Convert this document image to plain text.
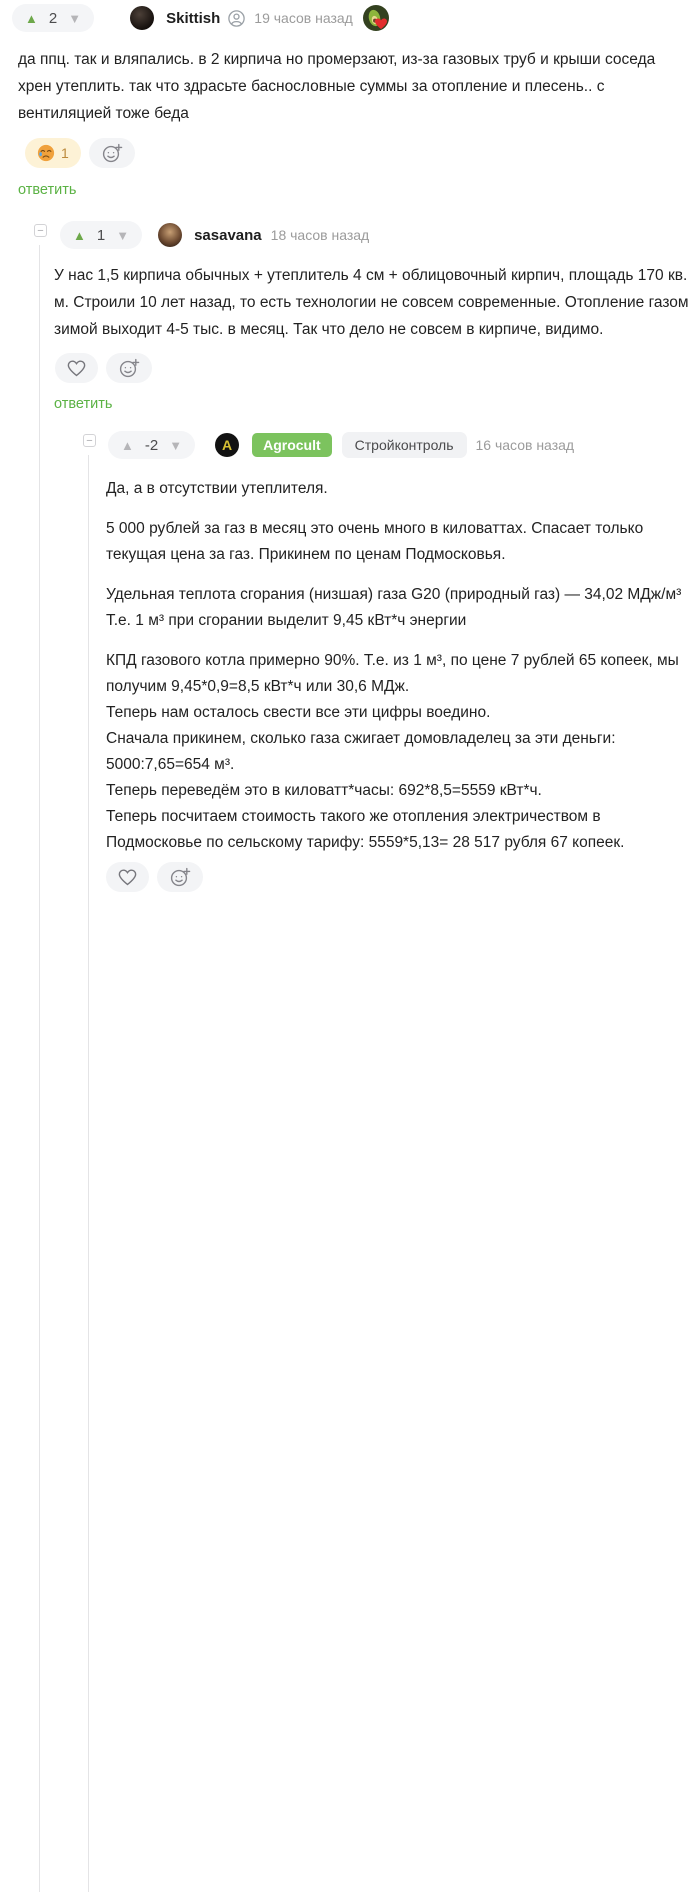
▲ 2 ▼	Skittish 19 часов назад

да ппц. так и вляпались. в 2 кирпича но промерзают, из-за газовых труб и крыши соседа хрен утеплить. так что здрасьте баснословные суммы за отопление и плесень.. с вентиляцией тоже беда

1
ответить
− ▲ 1 ▼	sasavana 18 часов назад

У нас 1,5 кирпича обычных + утеплитель 4 см + облицовочный кирпич, площадь 170 кв. м. Строили 10 лет назад, то есть технологии не совсем современные. Отопление газом зимой выходит 4-5 тыс. в месяц. Так что дело не совсем в кирпиче, видимо.

ответить
− ▲ -2 ▼	A	Agrocult	Стройконтроль	16 часов назад

Да, а в отсутствии утеплителя.

5 000 рублей за газ в месяц это очень много в киловаттах. Спасает только текущая цена за газ. Прикинем по ценам Подмосковья.

Удельная теплота сгорания (низшая) газа G20 (природный газ) — 34,02 МДж/м³

Т.е. 1 м³ при сгорании выделит 9,45 кВт*ч энергии

КПД газового котла примерно 90%. Т.е. из 1 м³, по цене 7 рублей 65 копеек, мы получим 9,45*0,9=8,5 кВт*ч или 30,6 МДж.

Теперь нам осталось свести все эти цифры воедино.

Сначала прикинем, сколько газа сжигает домовладелец за эти деньги: 5000:7,65=654 м³.

Теперь переведём это в киловатт*часы: 692*8,5=5559 кВт*ч.

Теперь посчитаем стоимость такого же отопления электричеством в Подмосковье по сельскому тарифу: 5559*5,13= 28 517 рубля 67 копеек.
